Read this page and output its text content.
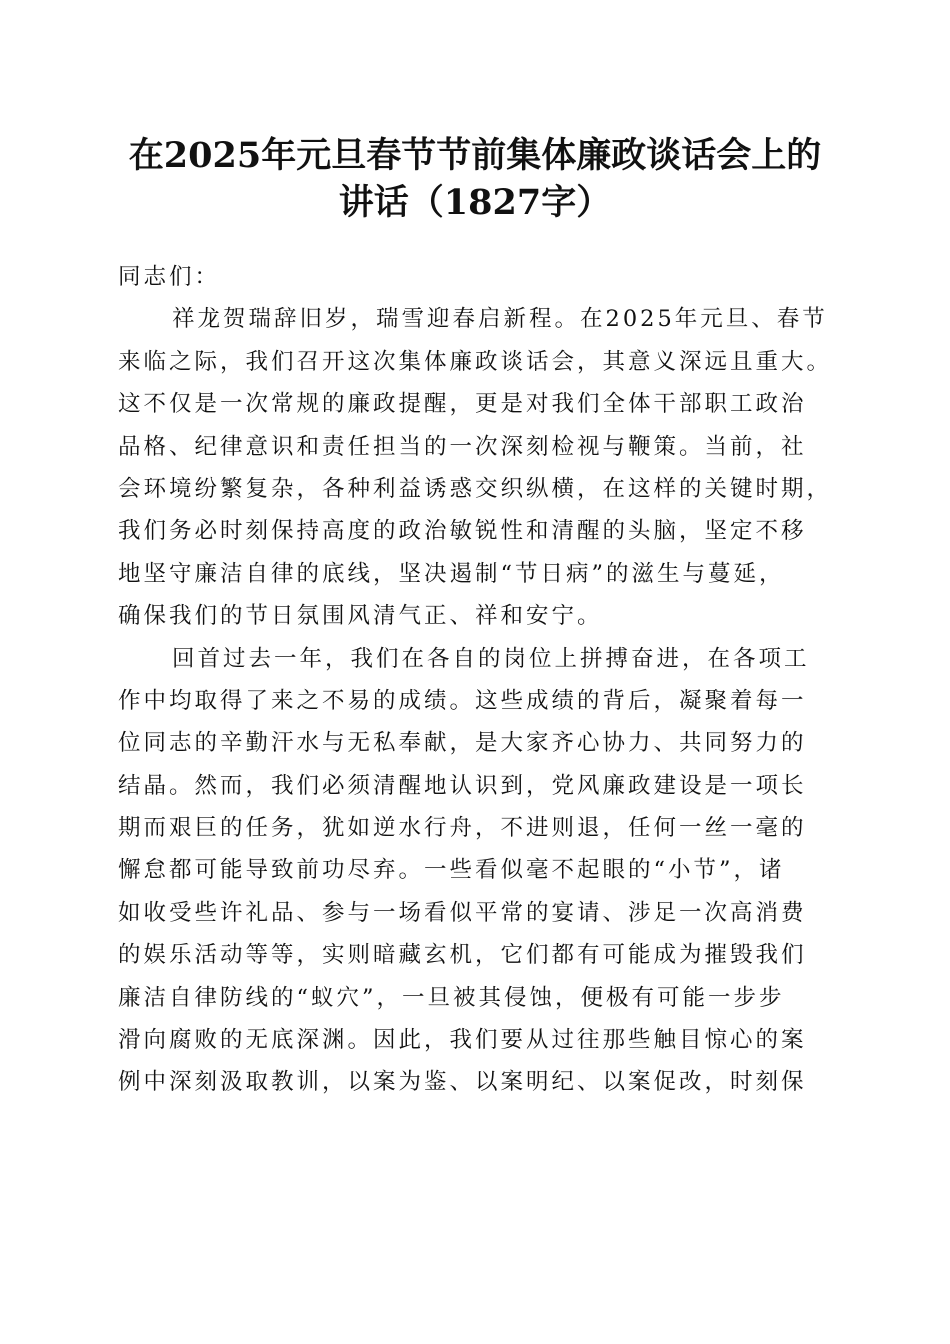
在2025年元旦春节节前集体廉政谈话会上的
讲话（1827字）
同志们：
祥龙贺瑞辞旧岁，瑞雪迎春启新程。在2025年元旦、春节
来临之际，我们召开这次集体廉政谈话会，其意义深远且重大。
这不仅是一次常规的廉政提醒，更是对我们全体干部职工政治
品格、纪律意识和责任担当的一次深刻检视与鞭策。当前，社
会环境纷繁复杂，各种利益诱惑交织纵横，在这样的关键时期，
我们务必时刻保持高度的政治敏锐性和清醒的头脑，坚定不移
地坚守廉洁自律的底线，坚决遏制“节日病”的滋生与蔓延，
确保我们的节日氛围风清气正、祥和安宁。
回首过去一年，我们在各自的岗位上拼搏奋进，在各项工
作中均取得了来之不易的成绩。这些成绩的背后，凝聚着每一
位同志的辛勤汗水与无私奉献，是大家齐心协力、共同努力的
结晶。然而，我们必须清醒地认识到，党风廉政建设是一项长
期而艰巨的任务，犹如逆水行舟，不进则退，任何一丝一毫的
懈怠都可能导致前功尽弃。一些看似毫不起眼的“小节”，诸
如收受些许礼品、参与一场看似平常的宴请、涉足一次高消费
的娱乐活动等等，实则暗藏玄机，它们都有可能成为摧毁我们
廉洁自律防线的“蚁穴”，一旦被其侵蚀，便极有可能一步步
滑向腐败的无底深渊。因此，我们要从过往那些触目惊心的案
例中深刻汲取教训，以案为鉴、以案明纪、以案促改，时刻保
